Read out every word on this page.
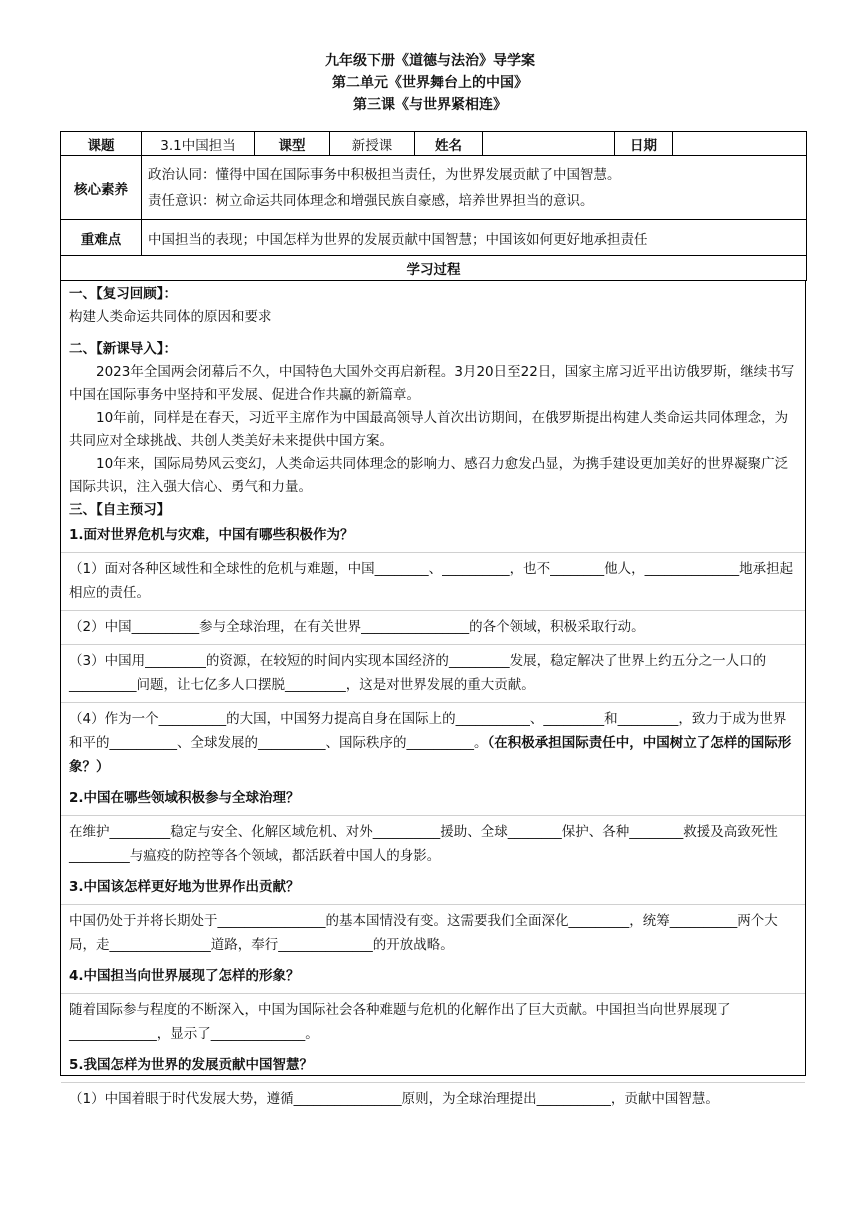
九年级下册《道德与法治》导学案
第二单元《世界舞台上的中国》
第三课《与世界紧相连》
课题	3.1中国担当	课型	新授课	姓名		日期	
核心素养	政治认同：懂得中国在国际事务中积极担当责任，为世界发展贡献了中国智慧。
责任意识：树立命运共同体理念和增强民族自豪感，培养世界担当的意识。						

重难点	中国担当的表现；中国怎样为世界的发展贡献中国智慧；中国该如何更好地承担责任						
学习过程							
一、【复习回顾】：
构建人类命运共同体的原因和要求
二、【新课导入】：
2023年全国两会闭幕后不久，中国特色大国外交再启新程。3月20日至22日，国家主席习近平出访俄罗斯，继续书写中国在国际事务中坚持和平发展、促进合作共赢的新篇章。
10年前，同样是在春天，习近平主席作为中国最高领导人首次出访期间，在俄罗斯提出构建人类命运共同体理念，为共同应对全球挑战、共创人类美好未来提供中国方案。
10年来，国际局势风云变幻，人类命运共同体理念的影响力、感召力愈发凸显，为携手建设更加美好的世界凝聚广泛国际共识，注入强大信心、勇气和力量。
三、【自主预习】
1.面对世界危机与灾难，中国有哪些积极作为？
（1）面对各种区域性和全球性的危机与难题，中国________、__________，也不________他人，______________地承担起相应的责任。
（2）中国__________参与全球治理，在有关世界________________的各个领域，积极采取行动。
（3）中国用_________的资源，在较短的时间内实现本国经济的_________发展，稳定解决了世界上约五分之一人口的__________问题，让七亿多人口摆脱_________，这是对世界发展的重大贡献。
（4）作为一个__________的大国，中国努力提高自身在国际上的___________、_________和_________，致力于成为世界和平的__________、全球发展的__________、国际秩序的__________。（在积极承担国际责任中，中国树立了怎样的国际形象？）
2.中国在哪些领域积极参与全球治理？
在维护_________稳定与安全、化解区域危机、对外__________援助、全球________保护、各种________救援及高致死性_________与瘟疫的防控等各个领域，都活跃着中国人的身影。
3.中国该怎样更好地为世界作出贡献？
中国仍处于并将长期处于________________的基本国情没有变。这需要我们全面深化_________，统筹__________两个大局，走_______________道路，奉行______________的开放战略。
4.中国担当向世界展现了怎样的形象？
随着国际参与程度的不断深入，中国为国际社会各种难题与危机的化解作出了巨大贡献。中国担当向世界展现了_____________，显示了______________。
5.我国怎样为世界的发展贡献中国智慧？
（1）中国着眼于时代发展大势，遵循________________原则，为全球治理提出___________，贡献中国智慧。
